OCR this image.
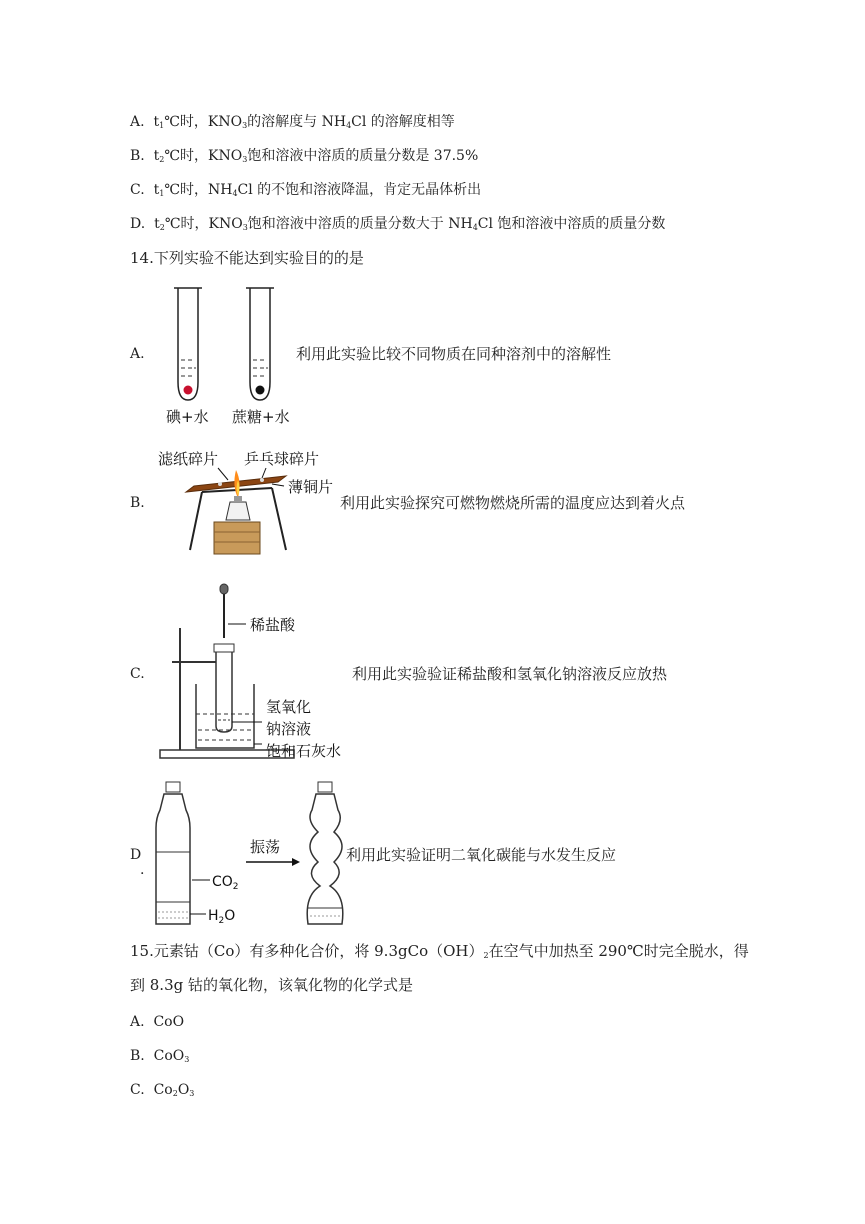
A. $t_1℃$时，$KNO_3$的溶解度与 $NH_4Cl$ 的溶解度相等
B. $t_2℃$时，$KNO_3$饱和溶液中溶质的质量分数是 37.5%
C. $t_1℃$时，$NH_4Cl$ 的不饱和溶液降温，肯定无晶体析出
D. $t_2℃$时，$KNO_3$饱和溶液中溶质的质量分数大于 $NH_4Cl$ 饱和溶液中溶质的质量分数
14.下列实验不能达到实验目的的是
A.	利用此实验比较不同物质在同种溶剂中的溶解性
碘+水 蔗糖+水
B.	利用此实验探究可燃物燃烧所需的温度应达到着火点
滤纸碎片 乒乓球碎片
薄铜片
C.	利用此实验验证稀盐酸和氢氧化钠溶液反应放热
稀盐酸
氢氧化
钠溶液
饱和石灰水
D
.
利用此实验证明二氧化碳能与水发生反应
$CO_2$
$H_2O$
振荡
15.元素钴（Co）有多种化合价，将 $9.3gCo(OH)_2$在空气中加热至 290℃时完全脱水，得
到 8.3g 钴的氧化物，该氧化物的化学式是
A. CoO
B. CoO$_3$
C. $Co_2O_3$
